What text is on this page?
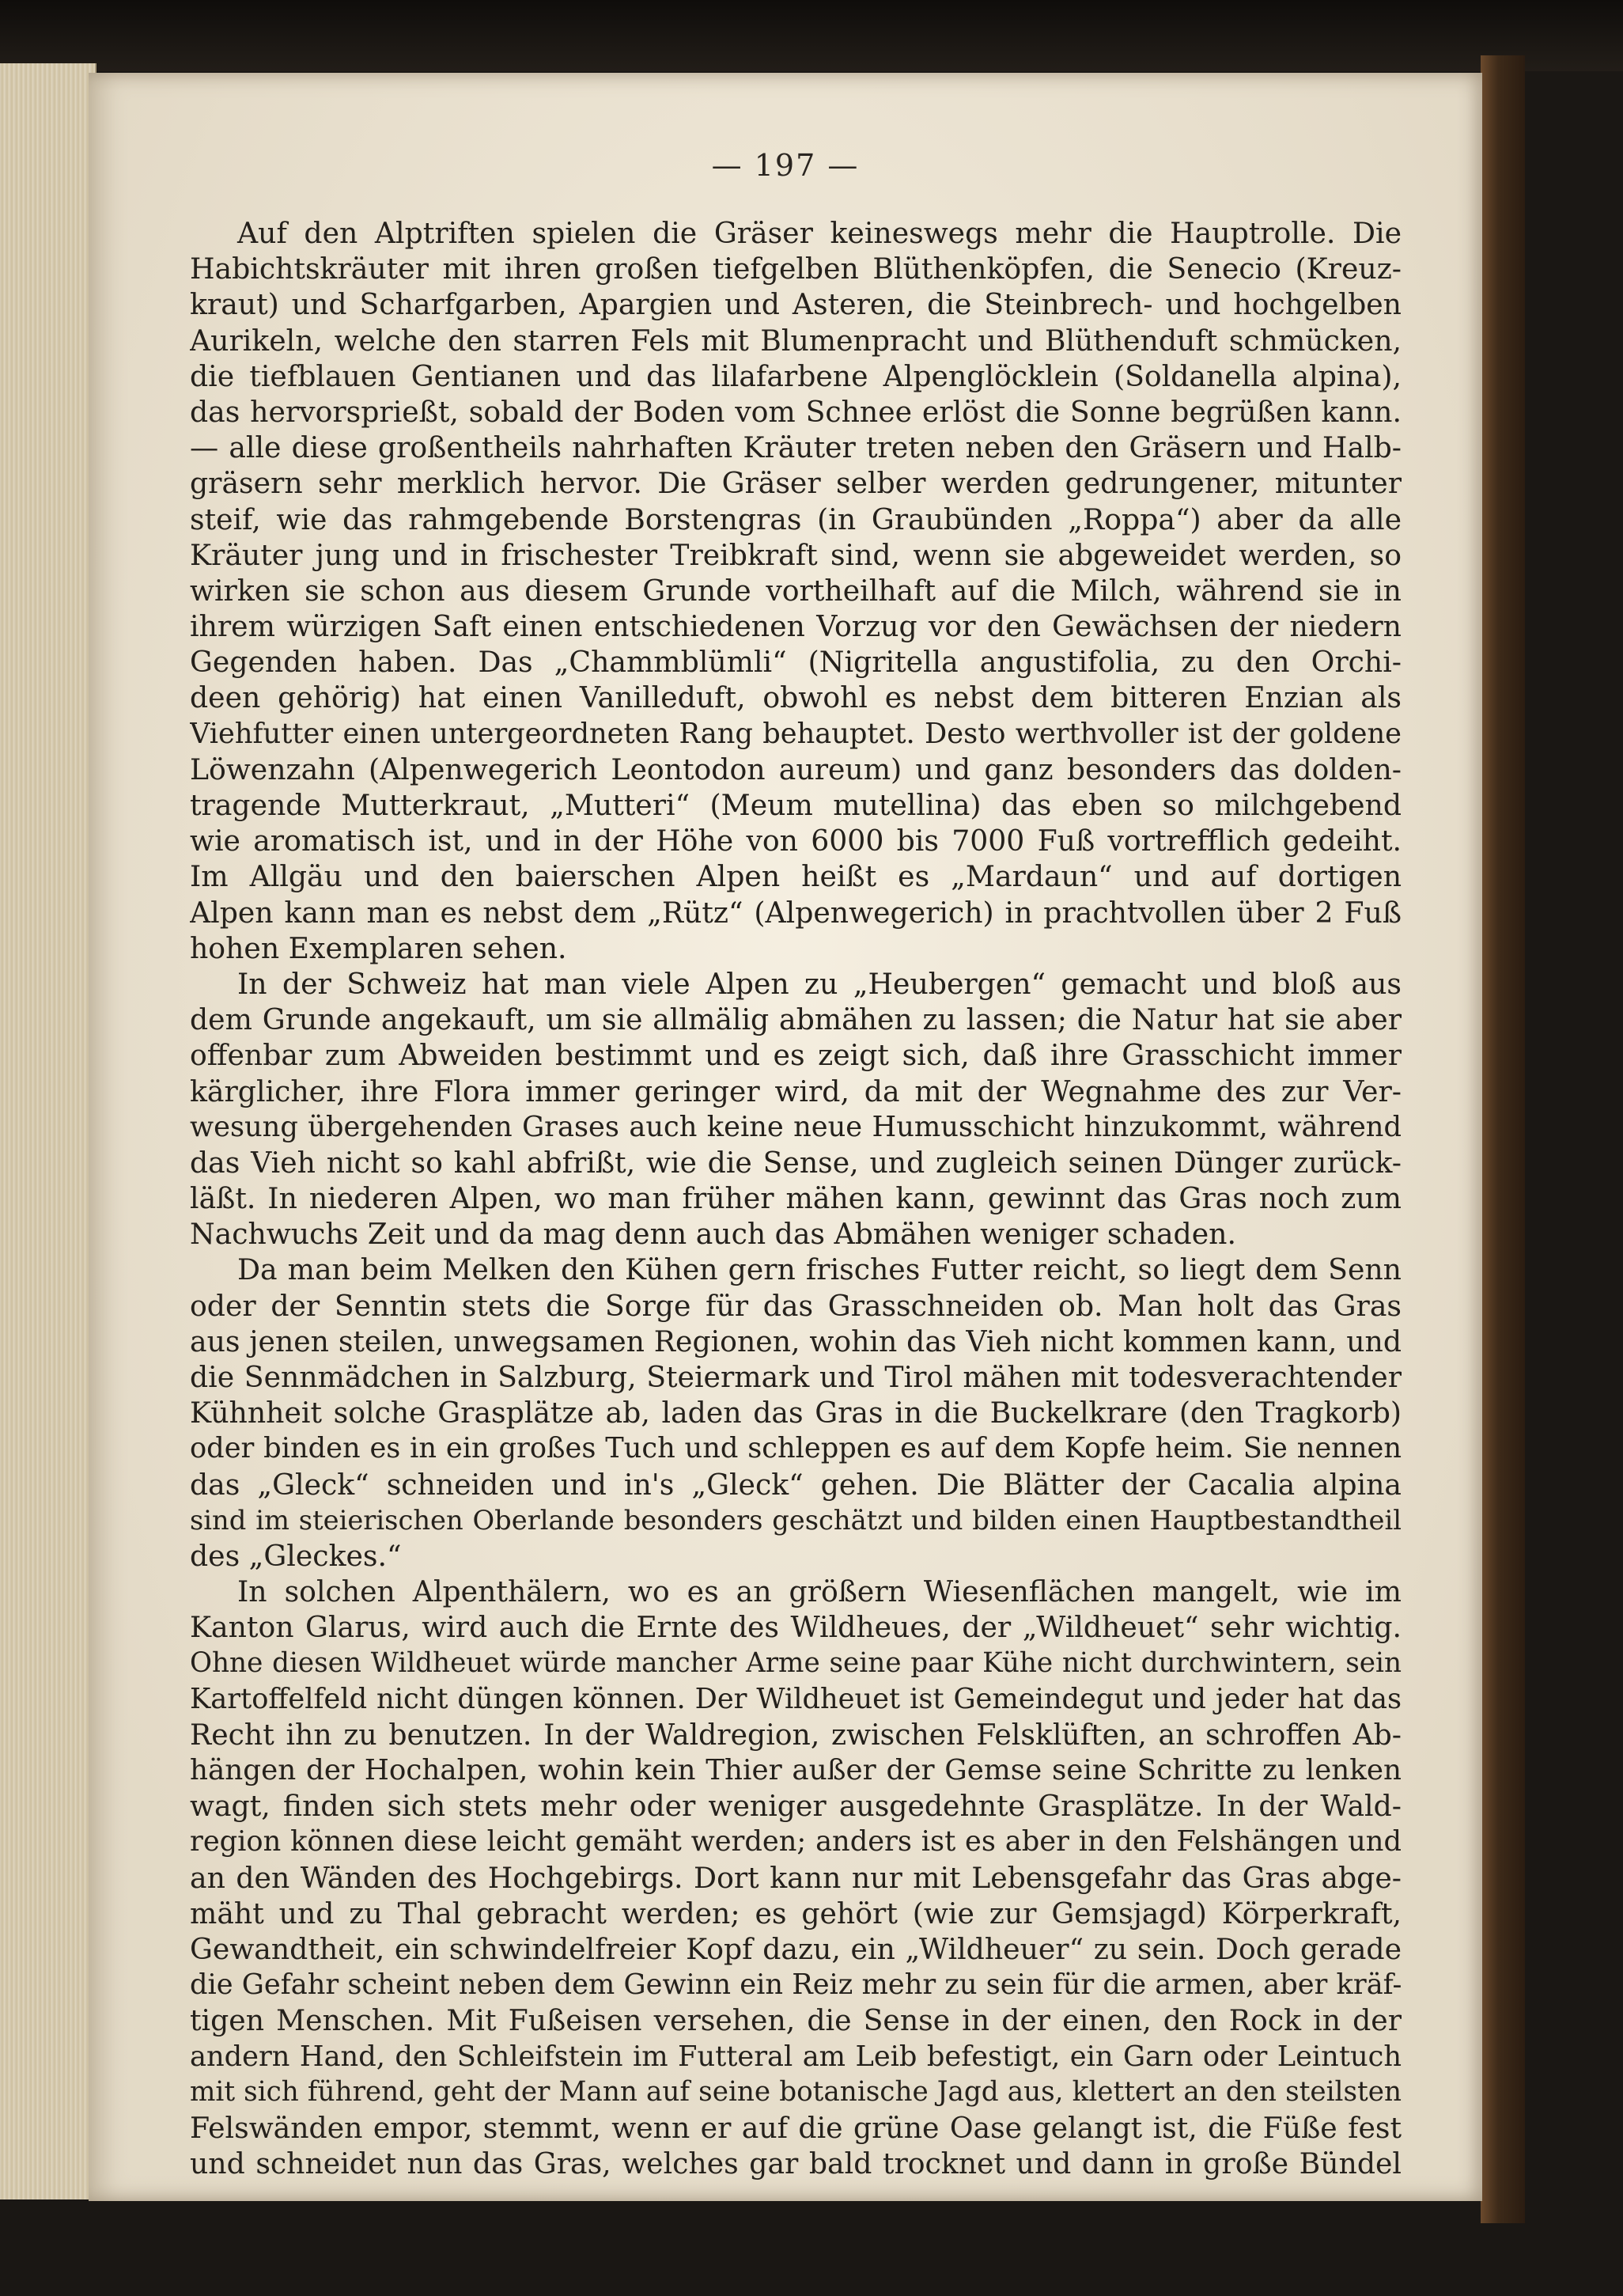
— 197 —
Auf den Alptriften spielen die Gräser keineswegs mehr die Hauptrolle. Die
Habichtskräuter mit ihren großen tiefgelben Blüthenköpfen, die Senecio (Kreuz-
kraut) und Scharfgarben, Apargien und Asteren, die Steinbrech- und hochgelben
Aurikeln, welche den starren Fels mit Blumenpracht und Blüthenduft schmücken,
die tiefblauen Gentianen und das lilafarbene Alpenglöcklein (Soldanella alpina),
das hervorsprießt, sobald der Boden vom Schnee erlöst die Sonne begrüßen kann.
— alle diese großentheils nahrhaften Kräuter treten neben den Gräsern und Halb-
gräsern sehr merklich hervor. Die Gräser selber werden gedrungener, mitunter
steif, wie das rahmgebende Borstengras (in Graubünden „Roppa“) aber da alle
Kräuter jung und in frischester Treibkraft sind, wenn sie abgeweidet werden, so
wirken sie schon aus diesem Grunde vortheilhaft auf die Milch, während sie in
ihrem würzigen Saft einen entschiedenen Vorzug vor den Gewächsen der niedern
Gegenden haben. Das „Chammblümli“ (Nigritella angustifolia, zu den Orchi-
deen gehörig) hat einen Vanilleduft, obwohl es nebst dem bitteren Enzian als
Viehfutter einen untergeordneten Rang behauptet. Desto werthvoller ist der goldene
Löwenzahn (Alpenwegerich Leontodon aureum) und ganz besonders das dolden-
tragende Mutterkraut, „Mutteri“ (Meum mutellina) das eben so milchgebend
wie aromatisch ist, und in der Höhe von 6000 bis 7000 Fuß vortrefflich gedeiht.
Im Allgäu und den baierschen Alpen heißt es „Mardaun“ und auf dortigen
Alpen kann man es nebst dem „Rütz“ (Alpenwegerich) in prachtvollen über 2 Fuß
hohen Exemplaren sehen.
In der Schweiz hat man viele Alpen zu „Heubergen“ gemacht und bloß aus
dem Grunde angekauft, um sie allmälig abmähen zu lassen; die Natur hat sie aber
offenbar zum Abweiden bestimmt und es zeigt sich, daß ihre Grasschicht immer
kärglicher, ihre Flora immer geringer wird, da mit der Wegnahme des zur Ver-
wesung übergehenden Grases auch keine neue Humusschicht hinzukommt, während
das Vieh nicht so kahl abfrißt, wie die Sense, und zugleich seinen Dünger zurück-
läßt. In niederen Alpen, wo man früher mähen kann, gewinnt das Gras noch zum
Nachwuchs Zeit und da mag denn auch das Abmähen weniger schaden.
Da man beim Melken den Kühen gern frisches Futter reicht, so liegt dem Senn
oder der Senntin stets die Sorge für das Grasschneiden ob. Man holt das Gras
aus jenen steilen, unwegsamen Regionen, wohin das Vieh nicht kommen kann, und
die Sennmädchen in Salzburg, Steiermark und Tirol mähen mit todesverachtender
Kühnheit solche Grasplätze ab, laden das Gras in die Buckelkrare (den Tragkorb)
oder binden es in ein großes Tuch und schleppen es auf dem Kopfe heim. Sie nennen
das „Gleck“ schneiden und in's „Gleck“ gehen. Die Blätter der Cacalia alpina
sind im steierischen Oberlande besonders geschätzt und bilden einen Hauptbestandtheil
des „Gleckes.“
In solchen Alpenthälern, wo es an größern Wiesenflächen mangelt, wie im
Kanton Glarus, wird auch die Ernte des Wildheues, der „Wildheuet“ sehr wichtig.
Ohne diesen Wildheuet würde mancher Arme seine paar Kühe nicht durchwintern, sein
Kartoffelfeld nicht düngen können. Der Wildheuet ist Gemeindegut und jeder hat das
Recht ihn zu benutzen. In der Waldregion, zwischen Felsklüften, an schroffen Ab-
hängen der Hochalpen, wohin kein Thier außer der Gemse seine Schritte zu lenken
wagt, finden sich stets mehr oder weniger ausgedehnte Grasplätze. In der Wald-
region können diese leicht gemäht werden; anders ist es aber in den Felshängen und
an den Wänden des Hochgebirgs. Dort kann nur mit Lebensgefahr das Gras abge-
mäht und zu Thal gebracht werden; es gehört (wie zur Gemsjagd) Körperkraft,
Gewandtheit, ein schwindelfreier Kopf dazu, ein „Wildheuer“ zu sein. Doch gerade
die Gefahr scheint neben dem Gewinn ein Reiz mehr zu sein für die armen, aber kräf-
tigen Menschen. Mit Fußeisen versehen, die Sense in der einen, den Rock in der
andern Hand, den Schleifstein im Futteral am Leib befestigt, ein Garn oder Leintuch
mit sich führend, geht der Mann auf seine botanische Jagd aus, klettert an den steilsten
Felswänden empor, stemmt, wenn er auf die grüne Oase gelangt ist, die Füße fest
und schneidet nun das Gras, welches gar bald trocknet und dann in große Bündel
